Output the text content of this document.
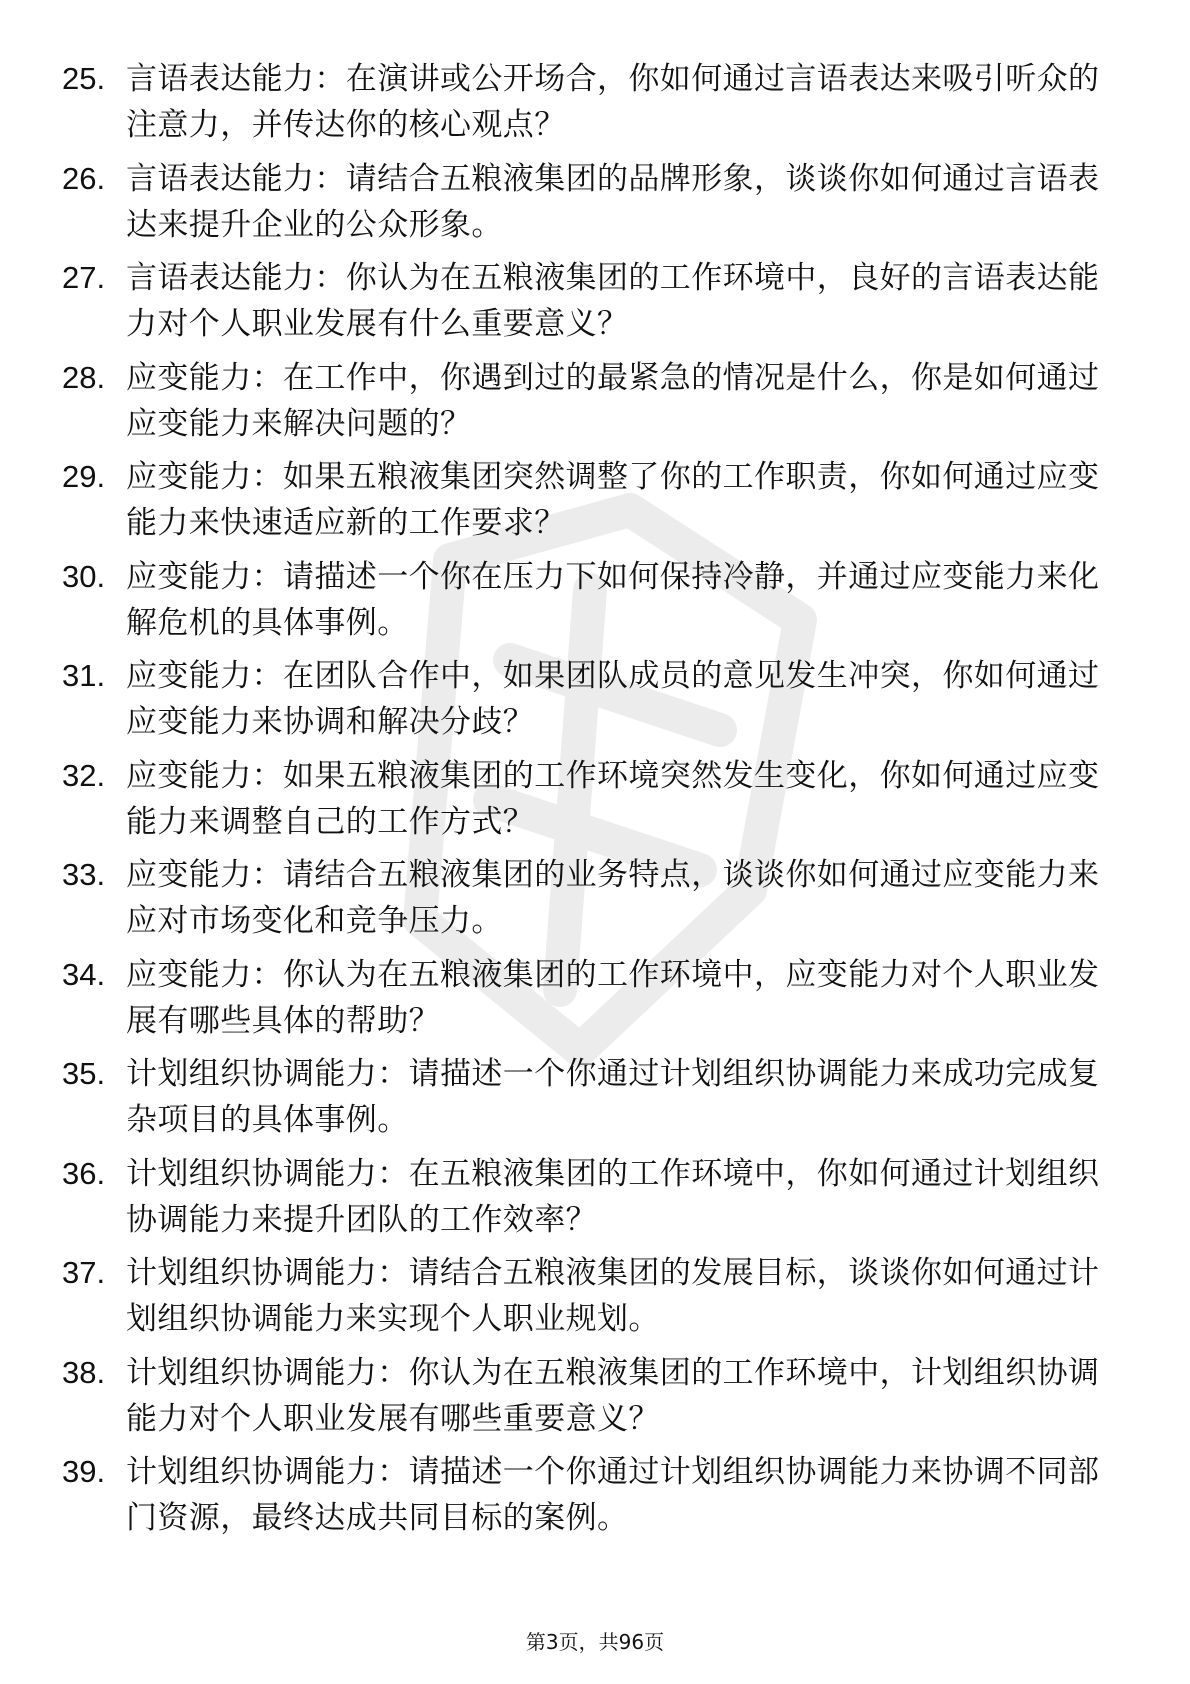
25. 言语表达能力：在演讲或公开场合，你如何通过言语表达来吸引听众的注意力，并传达你的核心观点？
26. 言语表达能力：请结合五粮液集团的品牌形象，谈谈你如何通过言语表达来提升企业的公众形象。
27. 言语表达能力：你认为在五粮液集团的工作环境中，良好的言语表达能力对个人职业发展有什么重要意义？
28. 应变能力：在工作中，你遇到过的最紧急的情况是什么，你是如何通过应变能力来解决问题的？
29. 应变能力：如果五粮液集团突然调整了你的工作职责，你如何通过应变能力来快速适应新的工作要求？
30. 应变能力：请描述一个你在压力下如何保持冷静，并通过应变能力来化解危机的具体事例。
31. 应变能力：在团队合作中，如果团队成员的意见发生冲突，你如何通过应变能力来协调和解决分歧？
32. 应变能力：如果五粮液集团的工作环境突然发生变化，你如何通过应变能力来调整自己的工作方式？
33. 应变能力：请结合五粮液集团的业务特点，谈谈你如何通过应变能力来应对市场变化和竞争压力。
34. 应变能力：你认为在五粮液集团的工作环境中，应变能力对个人职业发展有哪些具体的帮助？
35. 计划组织协调能力：请描述一个你通过计划组织协调能力来成功完成复杂项目的具体事例。
36. 计划组织协调能力：在五粮液集团的工作环境中，你如何通过计划组织协调能力来提升团队的工作效率？
37. 计划组织协调能力：请结合五粮液集团的发展目标，谈谈你如何通过计划组织协调能力来实现个人职业规划。
38. 计划组织协调能力：你认为在五粮液集团的工作环境中，计划组织协调能力对个人职业发展有哪些重要意义？
39. 计划组织协调能力：请描述一个你通过计划组织协调能力来协调不同部门资源，最终达成共同目标的案例。
第3页，共96页
